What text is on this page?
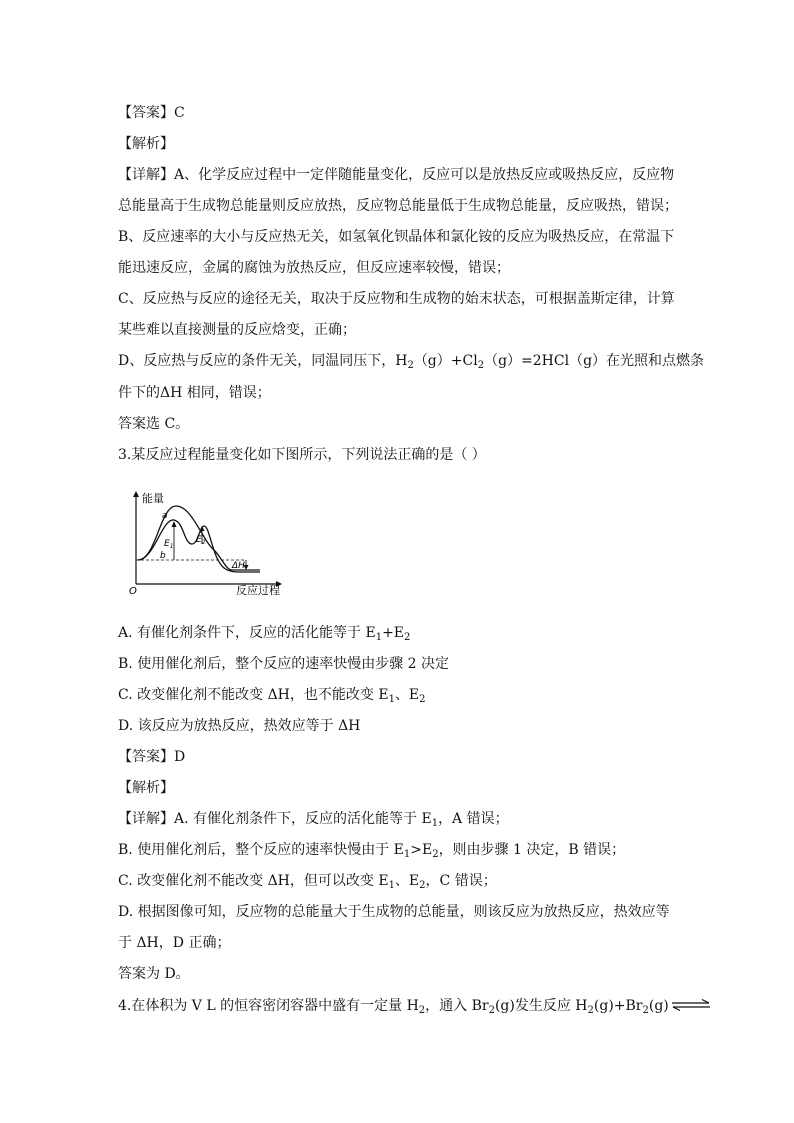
【答案】C
【解析】
【详解】A、化学反应过程中一定伴随能量变化，反应可以是放热反应或吸热反应，反应物
总能量高于生成物总能量则反应放热，反应物总能量低于生成物总能量，反应吸热，错误；
B、反应速率的大小与反应热无关，如氢氧化钡晶体和氯化铵的反应为吸热反应，在常温下
能迅速反应，金属的腐蚀为放热反应，但反应速率较慢，错误；
C、反应热与反应的途径无关，取决于反应物和生成物的始末状态，可根据盖斯定律，计算
某些难以直接测量的反应焓变，正确；
D、反应热与反应的条件无关，同温同压下，$H_2(g)+Cl_2(g)=2HCl(g)$在光照和点燃条
件下的ΔH 相同，错误；
答案选 C。
3.某反应过程能量变化如下图所示，下列说法正确的是（ ）
能量
反应过程
O
a
b
$E_1$
$E_2$
ΔH
A. 有催化剂条件下，反应的活化能等于 $E_1+E_2$
B. 使用催化剂后，整个反应的速率快慢由步骤 2 决定
C. 改变催化剂不能改变 ΔH，也不能改变 $E_1$、$E_2$
D. 该反应为放热反应，热效应等于 ΔH
【答案】D
【解析】
【详解】A. 有催化剂条件下，反应的活化能等于 $E_1$，A 错误；
B. 使用催化剂后，整个反应的速率快慢由于 $E_1>E_2$，则由步骤 1 决定，B 错误；
C. 改变催化剂不能改变 ΔH，但可以改变 $E_1$、$E_2$，C 错误；
D. 根据图像可知，反应物的总能量大于生成物的总能量，则该反应为放热反应，热效应等
于 ΔH，D 正确；
答案为 D。
4.在体积为 V L 的恒容密闭容器中盛有一定量 $H_2$，通入 $Br_2(g)$发生反应 $H_2(g)+Br_2(g)$ ⇌
